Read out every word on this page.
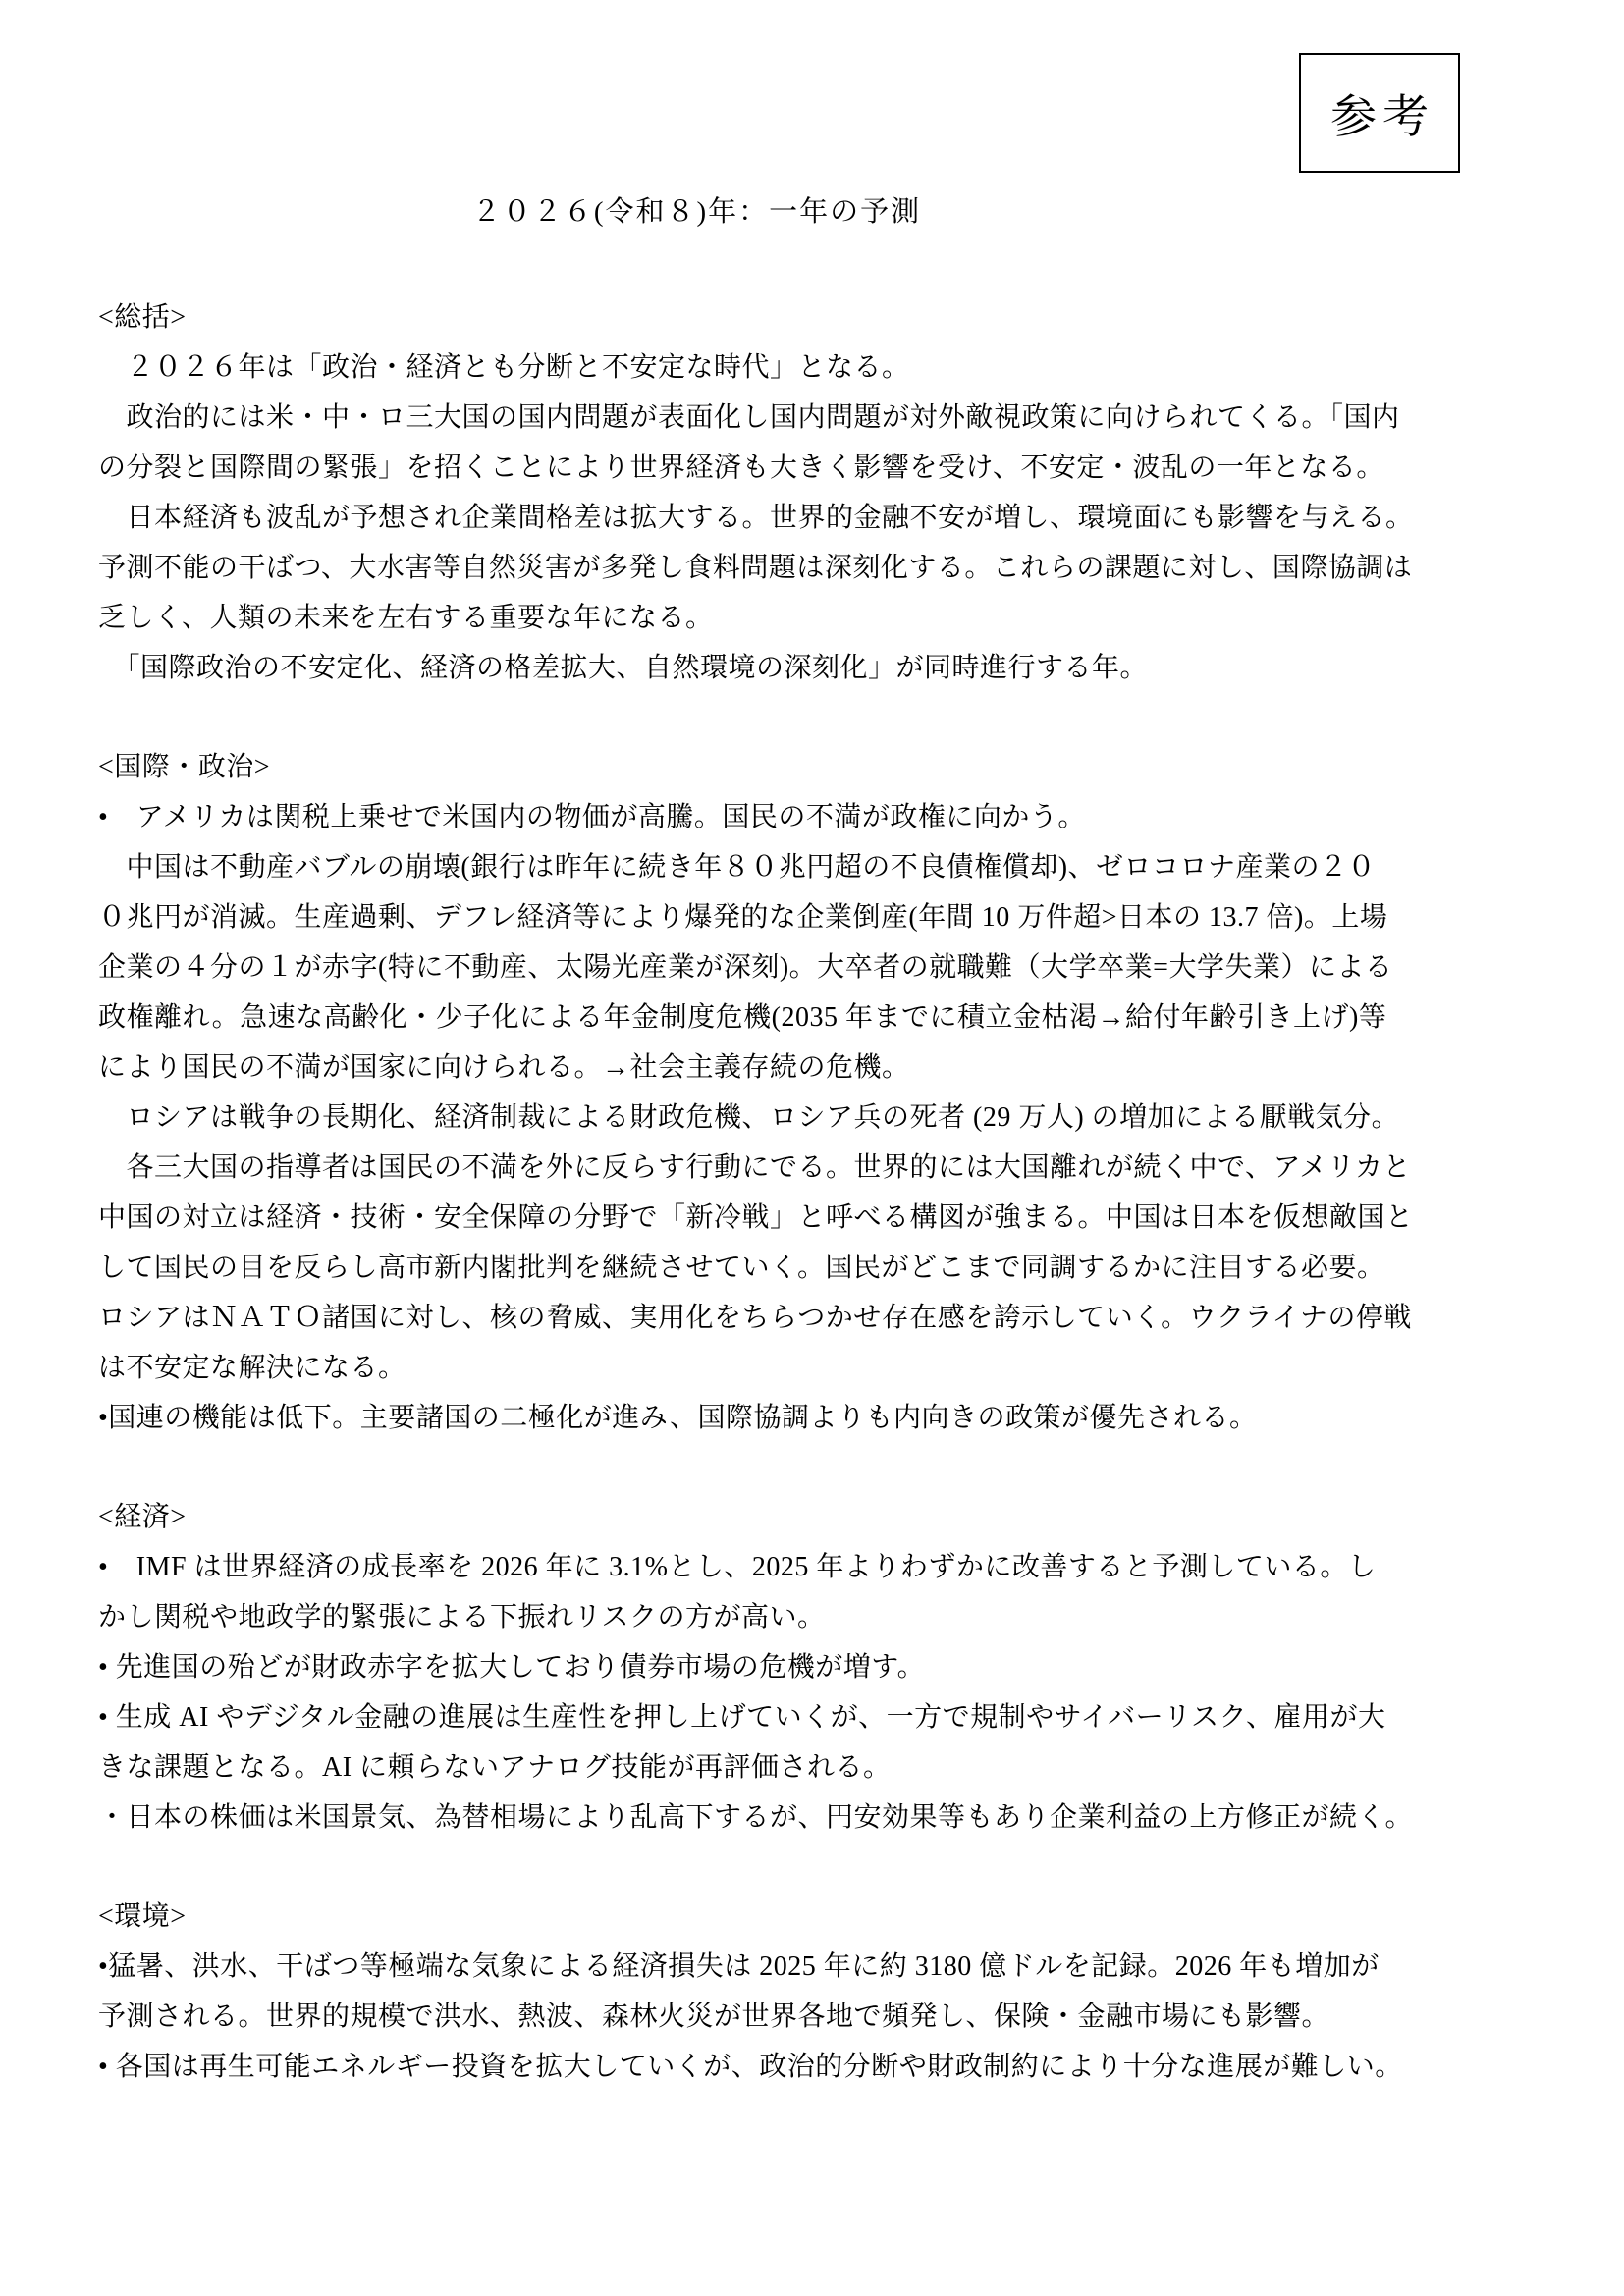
参考
２０２６(令和８)年：一年の予測
<総括>
　２０２６年は「政治・経済とも分断と不安定な時代」となる。
　政治的には米・中・ロ三大国の国内問題が表面化し国内問題が対外敵視政策に向けられてくる。「国内
の分裂と国際間の緊張」を招くことにより世界経済も大きく影響を受け、不安定・波乱の一年となる。
　日本経済も波乱が予想され企業間格差は拡大する。世界的金融不安が増し、環境面にも影響を与える。
予測不能の干ばつ、大水害等自然災害が多発し食料問題は深刻化する。これらの課題に対し、国際協調は
乏しく、人類の未来を左右する重要な年になる。
　「国際政治の不安定化、経済の格差拡大、自然環境の深刻化」が同時進行する年。
<国際・政治>
•　アメリカは関税上乗せで米国内の物価が高騰。国民の不満が政権に向かう。
　中国は不動産バブルの崩壊(銀行は昨年に続き年８０兆円超の不良債権償却)、ゼロコロナ産業の２０
０兆円が消滅。生産過剰、デフレ経済等により爆発的な企業倒産(年間 10 万件超>日本の 13.7 倍)。上場
企業の４分の１が赤字(特に不動産、太陽光産業が深刻)。大卒者の就職難（大学卒業=大学失業）による
政権離れ。急速な高齢化・少子化による年金制度危機(2035 年までに積立金枯渇→給付年齢引き上げ)等
により国民の不満が国家に向けられる。→社会主義存続の危機。
　ロシアは戦争の長期化、経済制裁による財政危機、ロシア兵の死者 (29 万人) の増加による厭戦気分。
　各三大国の指導者は国民の不満を外に反らす行動にでる。世界的には大国離れが続く中で、アメリカと
中国の対立は経済・技術・安全保障の分野で「新冷戦」と呼べる構図が強まる。中国は日本を仮想敵国と
して国民の目を反らし高市新内閣批判を継続させていく。国民がどこまで同調するかに注目する必要。
ロシアはＮＡＴＯ諸国に対し、核の脅威、実用化をちらつかせ存在感を誇示していく。ウクライナの停戦
は不安定な解決になる。
•国連の機能は低下。主要諸国の二極化が進み、国際協調よりも内向きの政策が優先される。
<経済>
•　IMF は世界経済の成長率を 2026 年に 3.1%とし、2025 年よりわずかに改善すると予測している。し
かし関税や地政学的緊張による下振れリスクの方が高い。
• 先進国の殆どが財政赤字を拡大しており債券市場の危機が増す。
• 生成 AI やデジタル金融の進展は生産性を押し上げていくが、一方で規制やサイバーリスク、雇用が大
きな課題となる。AI に頼らないアナログ技能が再評価される。
・日本の株価は米国景気、為替相場により乱高下するが、円安効果等もあり企業利益の上方修正が続く。
<環境>
•猛暑、洪水、干ばつ等極端な気象による経済損失は 2025 年に約 3180 億ドルを記録。2026 年も増加が
予測される。世界的規模で洪水、熱波、森林火災が世界各地で頻発し、保険・金融市場にも影響。
• 各国は再生可能エネルギー投資を拡大していくが、政治的分断や財政制約により十分な進展が難しい。
